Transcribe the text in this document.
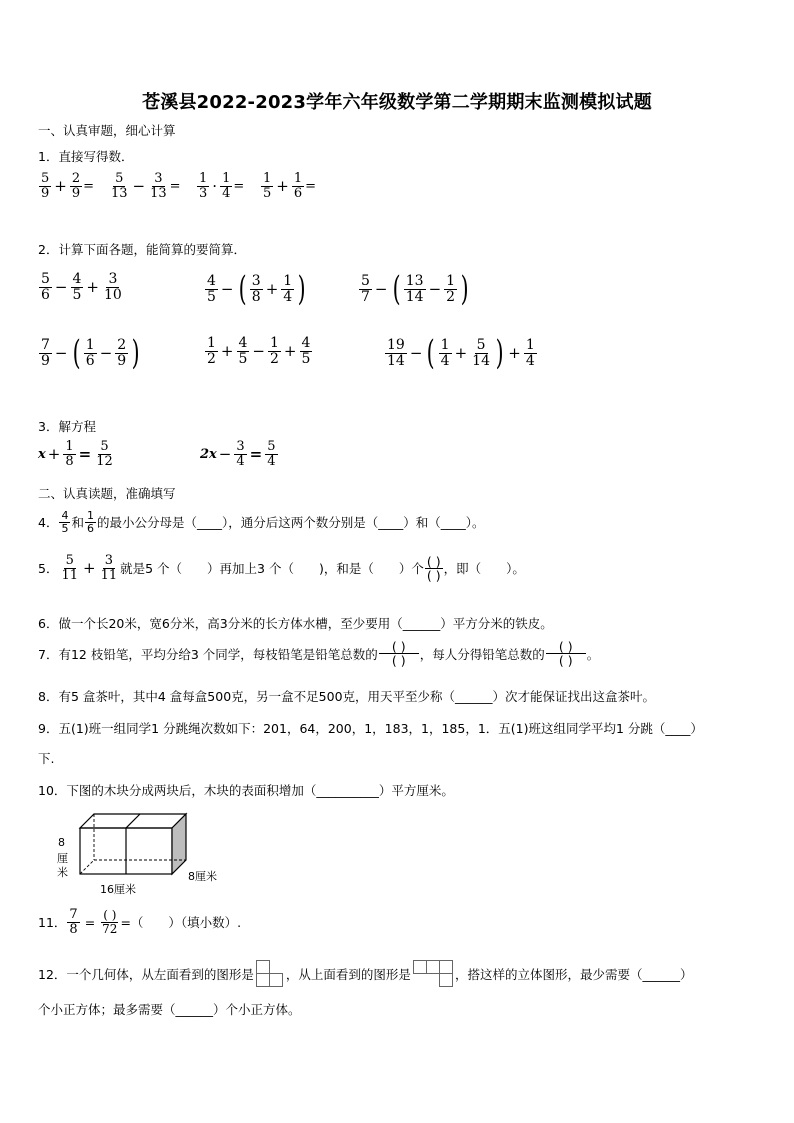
苍溪县2022-2023学年六年级数学第二学期期末监测模拟试题
一、认真审题，细心计算
1．直接写得数．
$\frac{5}{9} + \frac{2}{9} = \frac{5}{13} - \frac{3}{13} = \frac{1}{3} \cdot \frac{1}{4} = \frac{1}{5} + \frac{1}{6}$ =
2．计算下面各题，能简算的要简算．
$\frac{5}{6} - \frac{4}{5} + \frac{3}{10}$	$\frac{4}{5}$ − ( $\frac{3}{8} + \frac{1}{4}$ )	$\frac{5}{7}$ − ( $\frac{13}{14} - \frac{1}{2}$ )
$\frac{7}{9}$ − ( $\frac{1}{6} - \frac{2}{9}$ )	$\frac{1}{2} + \frac{4}{5} - \frac{1}{2} + \frac{4}{5}$	$\frac{19}{14}$ − ( $\frac{1}{4} + \frac{5}{14}$ ) + $\frac{1}{4}$
3．解方程
$x + \frac{1}{8} = \frac{5}{12}$	$2x - \frac{3}{4} = \frac{5}{4}$
二、认真读题，准确填写
4． $\frac{4}{5}$ 和 $\frac{1}{6}$ 的最小公分母是（____），通分后这两个数分别是（____）和（____）。
5． $\frac{5}{11} + \frac{3}{11}$ 就是5 个（　　）再加上3 个（　　)，和是（　　）个 $\frac{( )}{( )}$ ，即（　　）。
6．做一个长20米，宽6分米，高3分米的长方体水槽，至少要用（______）平方分米的铁皮。
7．有12 枝铅笔，平均分给3 个同学，每枝铅笔是铅笔总数的 $\frac{( )}{( )}$ ，每人分得铅笔总数的 $\frac{( )}{( )}$ 。
8．有5 盒茶叶，其中4 盒每盒500克，另一盒不足500克，用天平至少称（______）次才能保证找出这盒茶叶。
9．五(1)班一组同学1 分跳绳次数如下：201，64，200，1，183，1，185，1．五(1)班这组同学平均1 分跳（____）
下.
10．下图的木块分成两块后，木块的表面积增加（__________）平方厘米。
8
厘
米
16厘米
8厘米
11． $\frac{7}{8} = \frac{( )}{72}$ =（　　）（填小数）.
12．一个几何体，从左面看到的图形是	，从上面看到的图形是	，搭这样的立体图形，最少需要（______）
个小正方体；最多需要（______）个小正方体。
